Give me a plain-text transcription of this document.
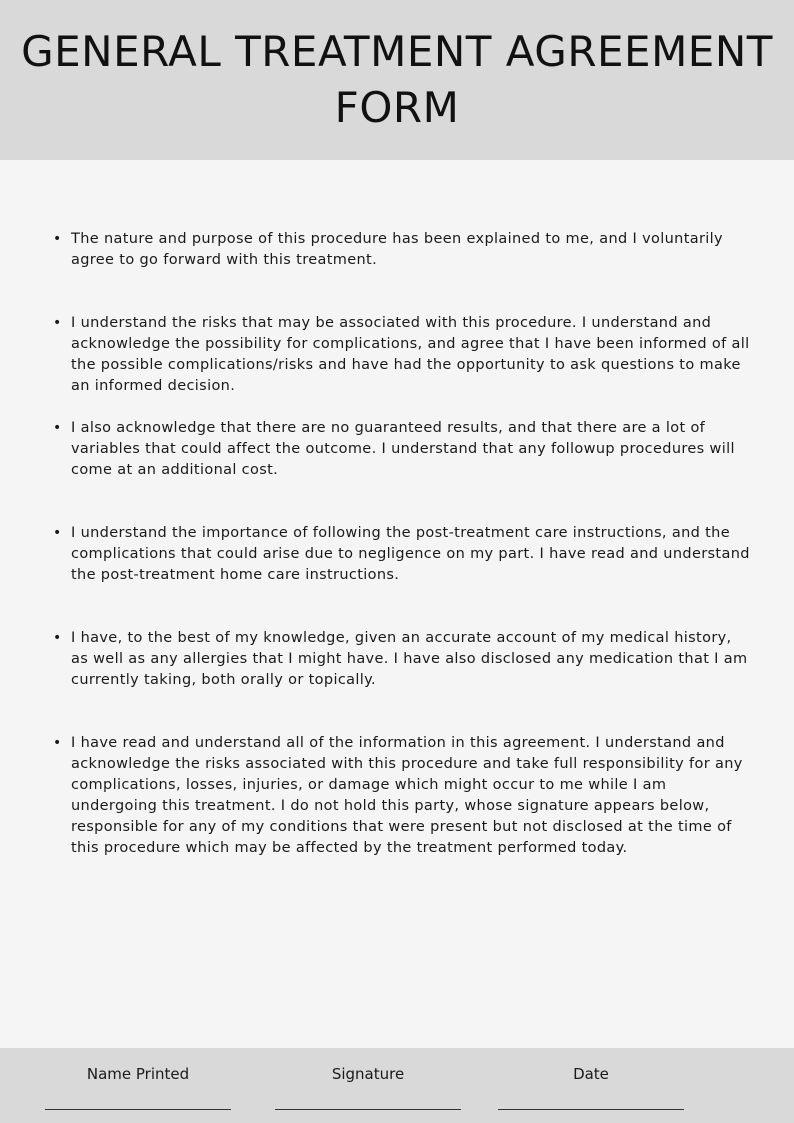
GENERAL TREATMENT AGREEMENT FORM
• The nature and purpose of this procedure has been explained to me, and I voluntarily agree to go forward with this treatment.
• I understand the risks that may be associated with this procedure. I understand and acknowledge the possibility for complications, and agree that I have been informed of all the possible complications/risks and have had the opportunity to ask questions to make an informed decision.
• I also acknowledge that there are no guaranteed results, and that there are a lot of variables that could affect the outcome. I understand that any followup procedures will come at an additional cost.
• I understand the importance of following the post-treatment care instructions, and the complications that could arise due to negligence on my part. I have read and understand the post-treatment home care instructions.
• I have, to the best of my knowledge, given an accurate account of my medical history, as well as any allergies that I might have. I have also disclosed any medication that I am currently taking, both orally or topically.
• I have read and understand all of the information in this agreement. I understand and acknowledge the risks associated with this procedure and take full responsibility for any complications, losses, injuries, or damage which might occur to me while I am undergoing this treatment. I do not hold this party, whose signature appears below, responsible for any of my conditions that were present but not disclosed at the time of this procedure which may be affected by the treatment performed today.
Name Printed	Signature	Date
